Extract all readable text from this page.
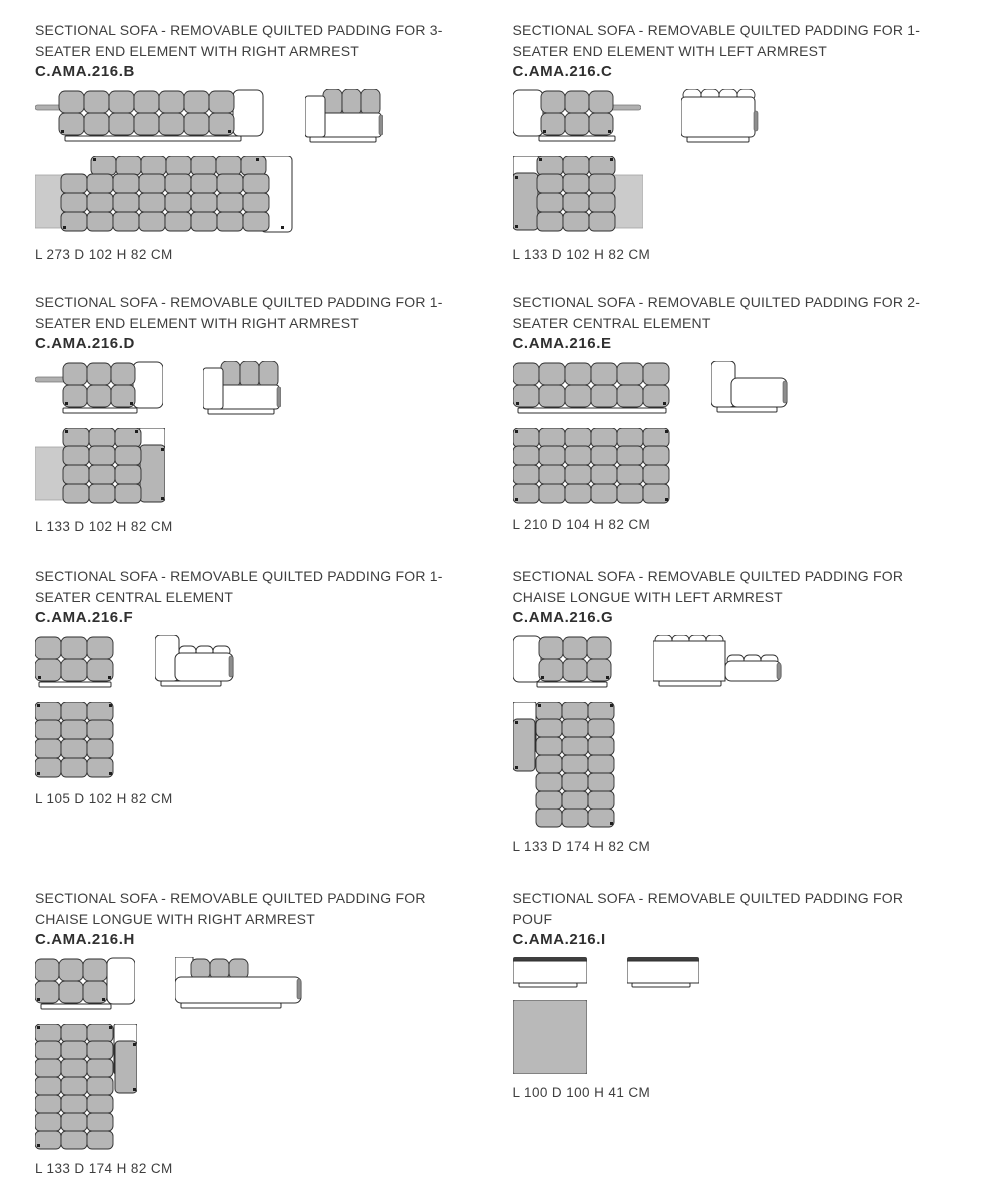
SECTIONAL SOFA - REMOVABLE QUILTED PADDING FOR 3-
SEATER END ELEMENT WITH RIGHT ARMREST
C.AMA.216.B
L 273 D 102 H 82 CM
SECTIONAL SOFA - REMOVABLE QUILTED PADDING FOR 1-
SEATER END ELEMENT WITH LEFT ARMREST
C.AMA.216.C
L 133 D 102 H 82 CM
SECTIONAL SOFA - REMOVABLE QUILTED PADDING FOR 1-
SEATER END ELEMENT WITH RIGHT ARMREST
C.AMA.216.D
L 133 D 102 H 82 CM
SECTIONAL SOFA - REMOVABLE QUILTED PADDING FOR 2-
SEATER CENTRAL ELEMENT
C.AMA.216.E
L 210 D 104 H 82 CM
SECTIONAL SOFA - REMOVABLE QUILTED PADDING FOR 1-
SEATER CENTRAL ELEMENT
C.AMA.216.F
L 105 D 102 H 82 CM
SECTIONAL SOFA - REMOVABLE QUILTED PADDING FOR
CHAISE LONGUE WITH LEFT ARMREST
C.AMA.216.G
L 133 D 174 H 82 CM
SECTIONAL SOFA - REMOVABLE QUILTED PADDING FOR
CHAISE LONGUE WITH RIGHT ARMREST
C.AMA.216.H
L 133 D 174 H 82 CM
SECTIONAL SOFA - REMOVABLE QUILTED PADDING FOR
POUF
C.AMA.216.I
L 100 D 100 H 41 CM
